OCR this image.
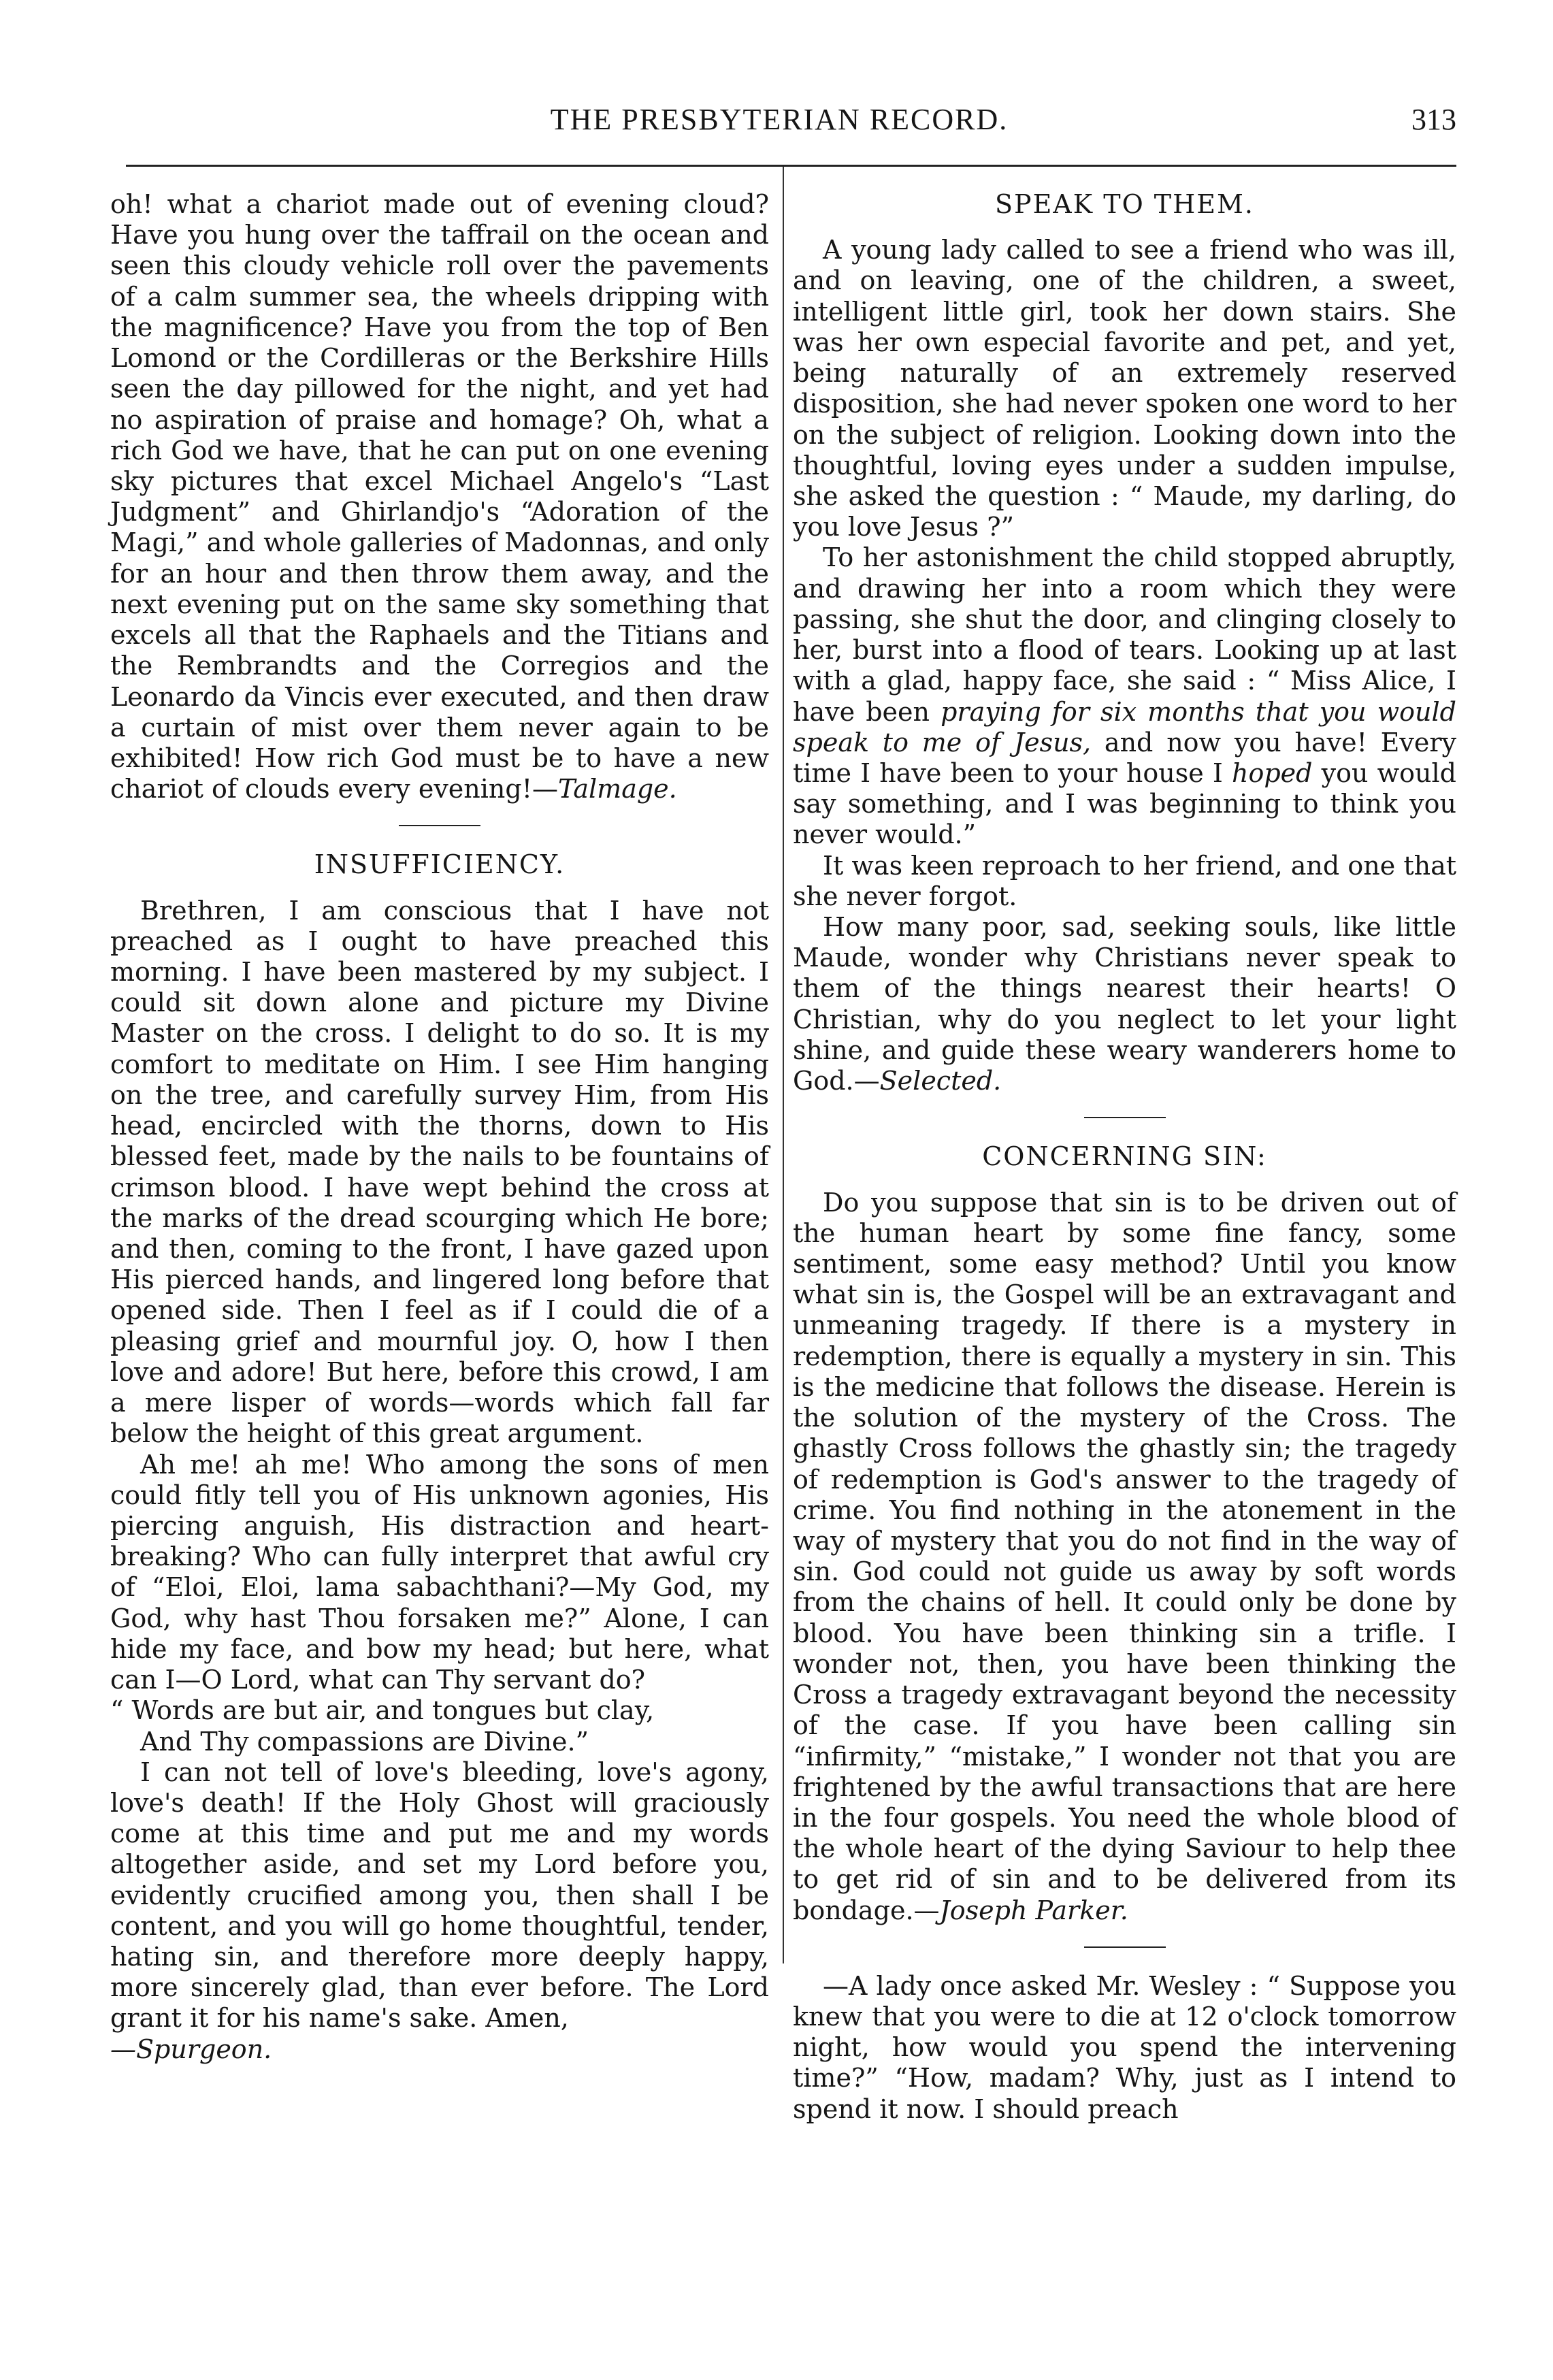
THE PRESBYTERIAN RECORD.	313

oh! what a chariot made out of evening cloud? Have you hung over the taffrail on the ocean and seen this cloudy vehicle roll over the pavements of a calm summer sea, the wheels dripping with the magnificence? Have you from the top of Ben Lomond or the Cordilleras or the Berkshire Hills seen the day pillowed for the night, and yet had no aspiration of praise and homage? Oh, what a rich God we have, that he can put on one evening sky pictures that excel Michael Angelo's “Last Judgment” and Ghirlandjo's “Adoration of the Magi,” and whole galleries of Madonnas, and only for an hour and then throw them away, and the next evening put on the same sky something that excels all that the Raphaels and the Titians and the Rembrandts and the Corregios and the Leonardo da Vincis ever executed, and then draw a curtain of mist over them never again to be exhibited! How rich God must be to have a new chariot of clouds every evening!—Talmage.

INSUFFICIENCY.

Brethren, I am conscious that I have not preached as I ought to have preached this morning. I have been mastered by my subject. I could sit down alone and picture my Divine Master on the cross. I delight to do so. It is my comfort to meditate on Him. I see Him hanging on the tree, and carefully survey Him, from His head, encircled with the thorns, down to His blessed feet, made by the nails to be fountains of crimson blood. I have wept behind the cross at the marks of the dread scourging which He bore; and then, coming to the front, I have gazed upon His pierced hands, and lingered long before that opened side. Then I feel as if I could die of a pleasing grief and mournful joy. O, how I then love and adore! But here, before this crowd, I am a mere lisper of words—words which fall far below the height of this great argument.

Ah me! ah me! Who among the sons of men could fitly tell you of His unknown agonies, His piercing anguish, His distraction and heart-breaking? Who can fully interpret that awful cry of “Eloi, Eloi, lama sabachthani?—My God, my God, why hast Thou forsaken me?” Alone, I can hide my face, and bow my head; but here, what can I—O Lord, what can Thy servant do?

“ Words are but air, and tongues but clay,

And Thy compassions are Divine.”

I can not tell of love's bleeding, love's agony, love's death! If the Holy Ghost will graciously come at this time and put me and my words altogether aside, and set my Lord before you, evidently crucified among you, then shall I be content, and you will go home thoughtful, tender, hating sin, and therefore more deeply happy, more sincerely glad, than ever before. The Lord grant it for his name's sake. Amen,

—Spurgeon.

SPEAK TO THEM.

A young lady called to see a friend who was ill, and on leaving, one of the children, a sweet, intelligent little girl, took her down stairs. She was her own especial favorite and pet, and yet, being naturally of an extremely reserved disposition, she had never spoken one word to her on the subject of religion. Looking down into the thoughtful, loving eyes under a sudden impulse, she asked the question : “ Maude, my darling, do you love Jesus ?”

To her astonishment the child stopped abruptly, and drawing her into a room which they were passing, she shut the door, and clinging closely to her, burst into a flood of tears. Looking up at last with a glad, happy face, she said : “ Miss Alice, I have been praying for six months that you would speak to me of Jesus, and now you have! Every time I have been to your house I hoped you would say something, and I was beginning to think you never would.”

It was keen reproach to her friend, and one that she never forgot.

How many poor, sad, seeking souls, like little Maude, wonder why Christians never speak to them of the things nearest their hearts! O Christian, why do you neglect to let your light shine, and guide these weary wanderers home to God.—Selected.

CONCERNING SIN:

Do you suppose that sin is to be driven out of the human heart by some fine fancy, some sentiment, some easy method? Until you know what sin is, the Gospel will be an extravagant and unmeaning tragedy. If there is a mystery in redemption, there is equally a mystery in sin. This is the medicine that follows the disease. Herein is the solution of the mystery of the Cross. The ghastly Cross follows the ghastly sin; the tragedy of redemption is God's answer to the tragedy of crime. You find nothing in the atonement in the way of mystery that you do not find in the way of sin. God could not guide us away by soft words from the chains of hell. It could only be done by blood. You have been thinking sin a trifle. I wonder not, then, you have been thinking the Cross a tragedy extravagant beyond the necessity of the case. If you have been calling sin “infirmity,” “mistake,” I wonder not that you are frightened by the awful transactions that are here in the four gospels. You need the whole blood of the whole heart of the dying Saviour to help thee to get rid of sin and to be delivered from its bondage.—Joseph Parker.

—A lady once asked Mr. Wesley : “ Suppose you knew that you were to die at 12 o'clock tomorrow night, how would you spend the intervening time?” “How, madam? Why, just as I intend to spend it now. I should preach
